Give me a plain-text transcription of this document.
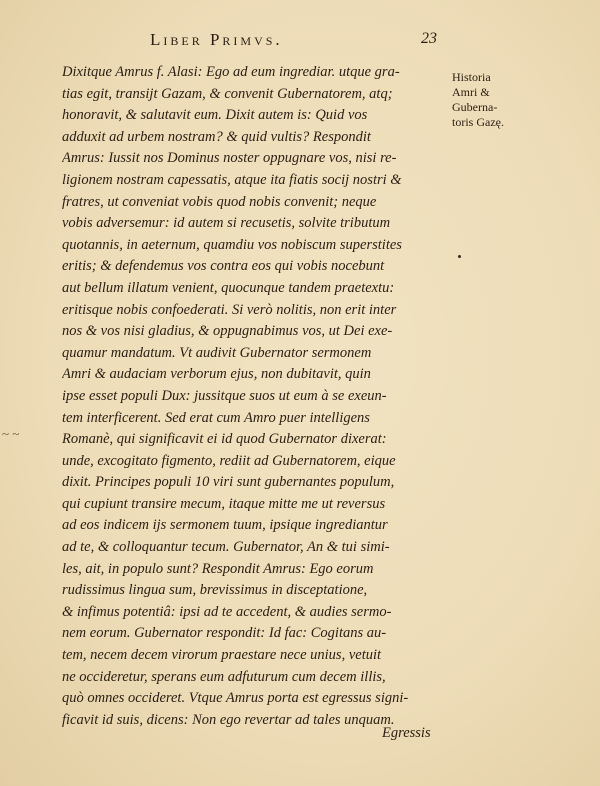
Liber Primvs.	23
Historia
Amri &
Guberna-
toris Gazę.
~ ~
Dixitque Amrus f. Alasi: Ego ad eum ingrediar. utque gra-
tias egit, transijt Gazam, & convenit Gubernatorem, atq;
honoravit, & salutavit eum. Dixit autem is: Quid vos
adduxit ad urbem nostram? & quid vultis? Respondit
Amrus: Iussit nos Dominus noster oppugnare vos, nisi re-
ligionem nostram capessatis, atque ita fiatis socij nostri &
fratres, ut conveniat vobis quod nobis convenit; neque
vobis adversemur: id autem si recusetis, solvite tributum
quotannis, in aeternum, quamdiu vos nobiscum superstites
eritis; & defendemus vos contra eos qui vobis nocebunt
aut bellum illatum venient, quocunque tandem praetextu:
eritisque nobis confoederati. Si verò nolitis, non erit inter
nos & vos nisi gladius, & oppugnabimus vos, ut Dei exe-
quamur mandatum. Vt audivit Gubernator sermonem
Amri & audaciam verborum ejus, non dubitavit, quin
ipse esset populi Dux: jussitque suos ut eum à se exeun-
tem interficerent. Sed erat cum Amro puer intelligens
Romanè, qui significavit ei id quod Gubernator dixerat:
unde, excogitato figmento, rediit ad Gubernatorem, eique
dixit. Principes populi 10 viri sunt gubernantes populum,
qui cupiunt transire mecum, itaque mitte me ut reversus
ad eos indicem ijs sermonem tuum, ipsique ingrediantur
ad te, & colloquantur tecum. Gubernator, An & tui simi-
les, ait, in populo sunt? Respondit Amrus: Ego eorum
rudissimus lingua sum, brevissimus in disceptatione,
& infimus potentiâ: ipsi ad te accedent, & audies sermo-
nem eorum. Gubernator respondit: Id fac: Cogitans au-
tem, necem decem virorum praestare nece unius, vetuit
ne occideretur, sperans eum adfuturum cum decem illis,
quò omnes occideret. Vtque Amrus porta est egressus signi-
ficavit id suis, dicens: Non ego revertar ad tales unquam.
Egressis
